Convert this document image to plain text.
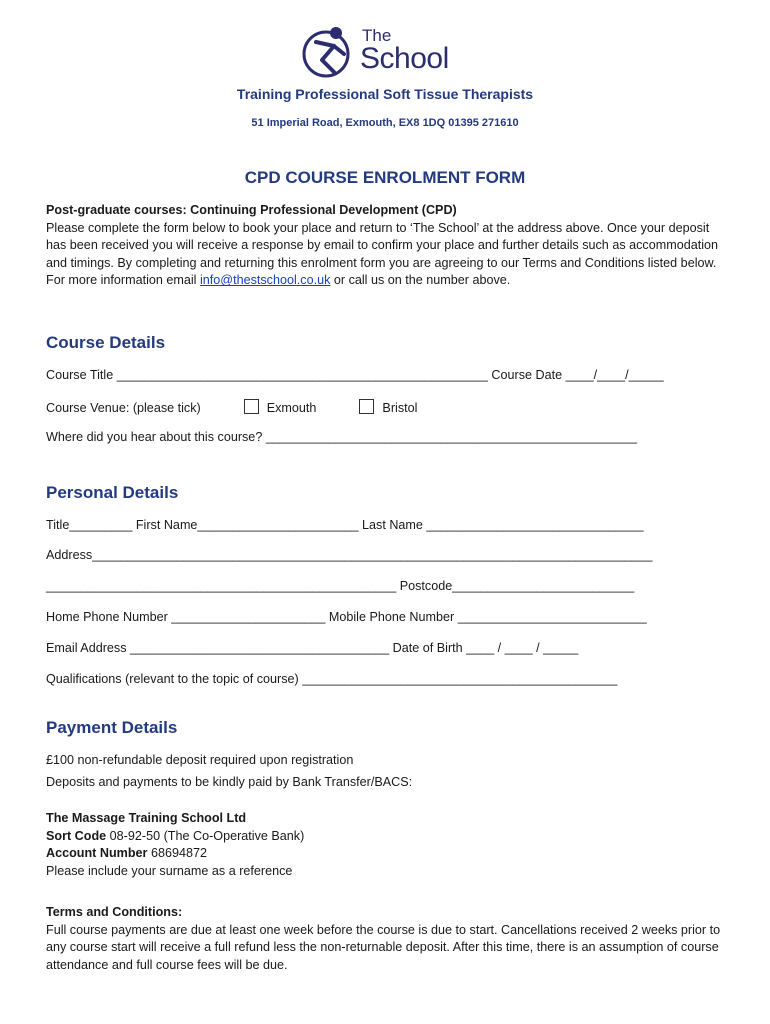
The
School
Training Professional Soft Tissue Therapists
51 Imperial Road, Exmouth, EX8 1DQ 01395 271610
CPD COURSE ENROLMENT FORM
Post-graduate courses: Continuing Professional Development (CPD)
Please complete the form below to book your place and return to ‘The School’ at the address above. Once your deposit has been received you will receive a response by email to confirm your place and further details such as accommodation and timings. By completing and returning this enrolment form you are agreeing to our Terms and Conditions listed below. For more information email info@thestschool.co.uk or call us on the number above.
Course Details
Course Title _____________________________________________________ Course Date ____/____/_____
Course Venue: (please tick)	Exmouth	Bristol
Where did you hear about this course? _____________________________________________________
Personal Details
Title_________ First Name_______________________ Last Name _______________________________
Address________________________________________________________________________________
__________________________________________________ Postcode__________________________
Home Phone Number ______________________ Mobile Phone Number ___________________________
Email Address _____________________________________ Date of Birth ____ / ____ / _____
Qualifications (relevant to the topic of course) _____________________________________________
Payment Details
£100 non-refundable deposit required upon registration
Deposits and payments to be kindly paid by Bank Transfer/BACS:
The Massage Training School Ltd
Sort Code 08-92-50 (The Co-Operative Bank)
Account Number 68694872
Please include your surname as a reference
Terms and Conditions:
Full course payments are due at least one week before the course is due to start. Cancellations received 2 weeks prior to any course start will receive a full refund less the non-returnable deposit. After this time, there is an assumption of course attendance and full course fees will be due.
